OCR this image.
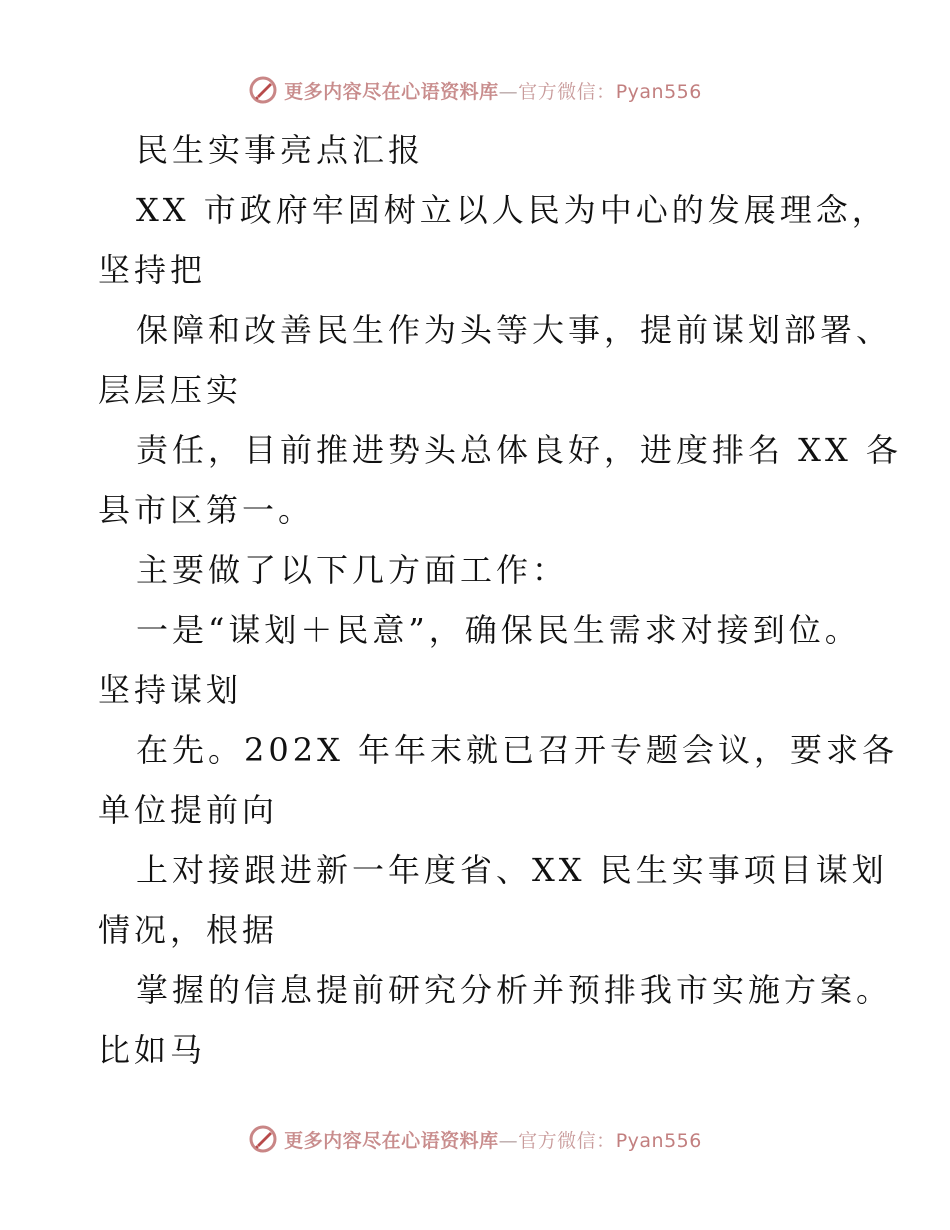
更多内容尽在心语资料库—官方微信：Pyan556
民生实事亮点汇报
XX 市政府牢固树立以人民为中心的发展理念，
坚持把
保障和改善民生作为头等大事，提前谋划部署、
层层压实
责任，目前推进势头总体良好，进度排名 XX 各
县市区第一。
主要做了以下几方面工作：
一是“谋划＋民意”，确保民生需求对接到位。
坚持谋划
在先。202X 年年末就已召开专题会议，要求各
单位提前向
上对接跟进新一年度省、XX 民生实事项目谋划
情况，根据
掌握的信息提前研究分析并预排我市实施方案。
比如马
更多内容尽在心语资料库—官方微信：Pyan556
